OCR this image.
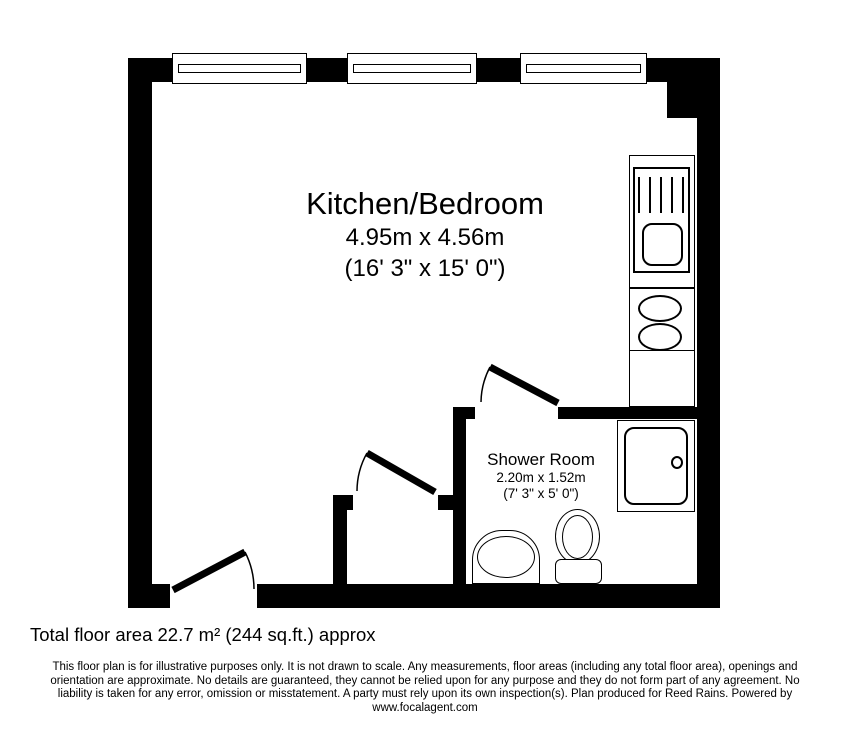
Kitchen/Bedroom
4.95m x 4.56m
(16' 3" x 15' 0")
Shower Room
2.20m x 1.52m
(7' 3" x 5' 0")
Total floor area 22.7 m² (244 sq.ft.) approx
This floor plan is for illustrative purposes only. It is not drawn to scale. Any measurements, floor areas (including any total floor area), openings and
orientation are approximate. No details are guaranteed, they cannot be relied upon for any purpose and they do not form part of any agreement. No
liability is taken for any error, omission or misstatement. A party must rely upon its own inspection(s). Plan produced for Reed Rains. Powered by
www.focalagent.com
